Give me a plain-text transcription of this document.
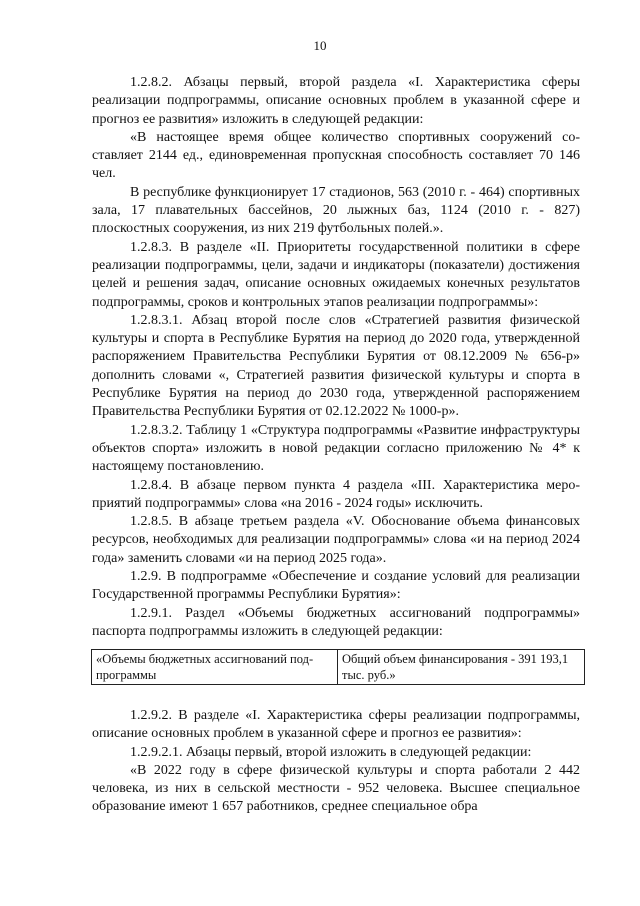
10

1.2.8.2. Абзацы первый, второй раздела «I. Характеристика сферы реализации подпрограммы, описание основных проблем в указанной сфере и прогноз ее развития» изложить в следующей редакции:

«В настоящее время общее количество спортивных сооружений составляет 2144 ед., единовременная пропускная способность составляет 70 146 чел.

В республике функционирует 17 стадионов, 563 (2010 г. - 464) спортивных зала, 17 плавательных бассейнов, 20 лыжных баз, 1124 (2010 г. - 827) плоскостных сооружения, из них 219 футбольных полей.».

1.2.8.3. В разделе «II. Приоритеты государственной политики в сфере реализации подпрограммы, цели, задачи и индикаторы (показатели) достижения целей и решения задач, описание основных ожидаемых конечных результатов подпрограммы, сроков и контрольных этапов реализации подпрограммы»:

1.2.8.3.1. Абзац второй после слов «Стратегией развития физической культуры и спорта в Республике Бурятия на период до 2020 года, утвержденной распоряжением Правительства Республики Бурятия от 08.12.2009 № 656-р» дополнить словами «, Стратегией развития физической культуры и спорта в Республике Бурятия на период до 2030 года, утвержденной распоряжением Правительства Республики Бурятия от 02.12.2022 № 1000-р».

1.2.8.3.2. Таблицу 1 «Структура подпрограммы «Развитие инфраструктуры объектов спорта» изложить в новой редакции согласно приложению № 4* к настоящему постановлению.

1.2.8.4. В абзаце первом пункта 4 раздела «III. Характеристика мероприятий подпрограммы» слова «на 2016 - 2024 годы» исключить.

1.2.8.5. В абзаце третьем раздела «V. Обоснование объема финансовых ресурсов, необходимых для реализации подпрограммы» слова «и на период 2024 года» заменить словами «и на период 2025 года».

1.2.9. В подпрограмме «Обеспечение и создание условий для реализации Государственной программы Республики Бурятия»:

1.2.9.1. Раздел «Объемы бюджетных ассигнований подпрограммы» паспорта подпрограммы изложить в следующей редакции:

«Объемы бюджетных ассигнований подпрограммы	Общий объем финансирования - 391 193,1 тыс. руб.»

1.2.9.2. В разделе «I. Характеристика сферы реализации подпрограммы, описание основных проблем в указанной сфере и прогноз ее развития»:

1.2.9.2.1. Абзацы первый, второй изложить в следующей редакции:

«В 2022 году в сфере физической культуры и спорта работали 2 442 человека, из них в сельской местности - 952 человека. Высшее специальное образование имеют 1 657 работников, среднее специальное обра
